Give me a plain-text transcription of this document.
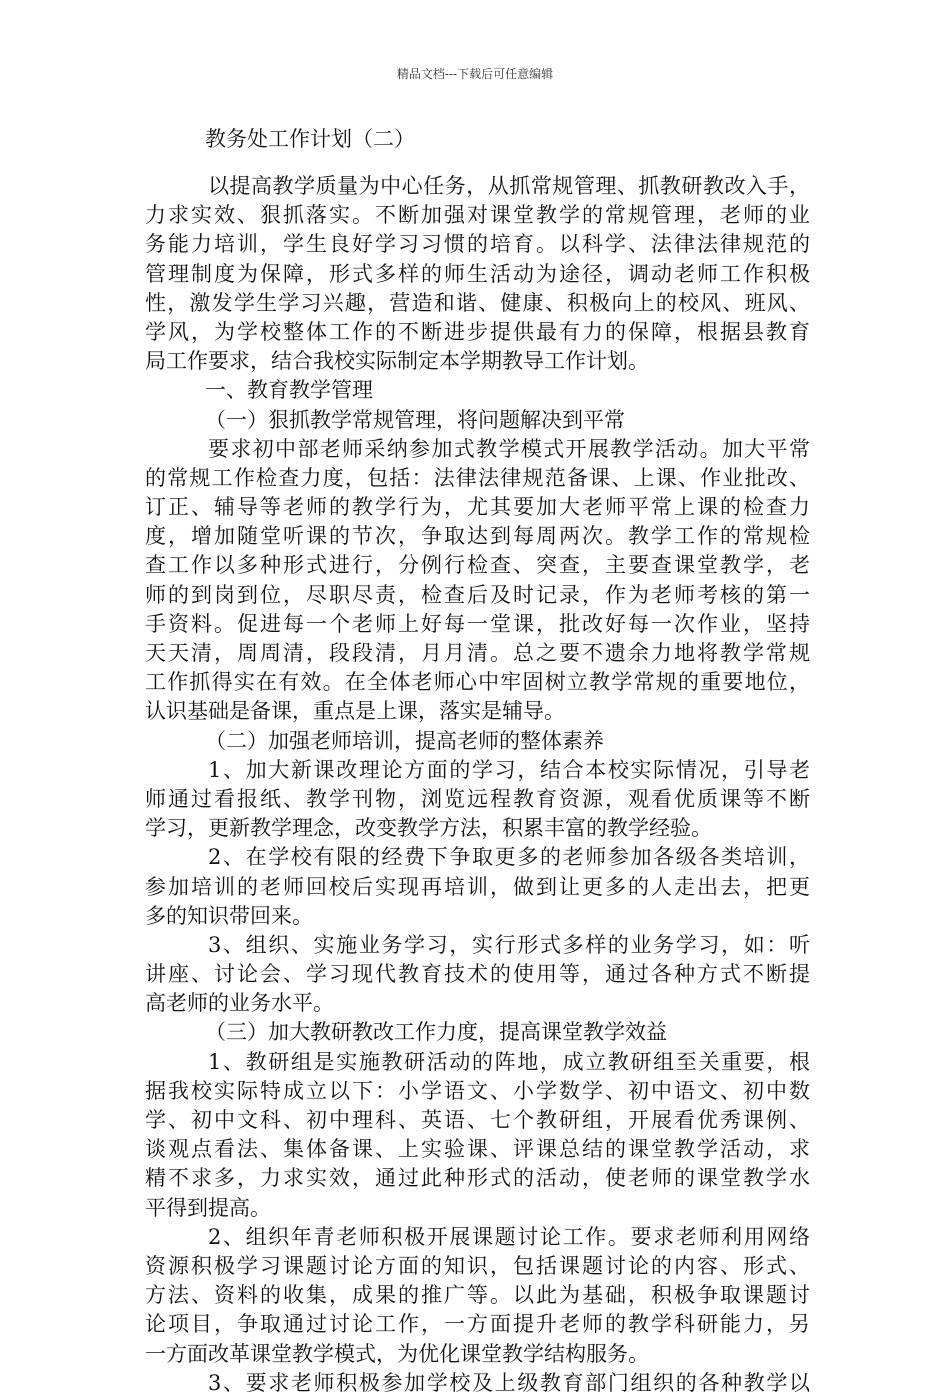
精品文档---下载后可任意编辑
教务处工作计划（二）
以提高教学质量为中心任务，从抓常规管理、抓教研教改入手，
力求实效、狠抓落实。不断加强对课堂教学的常规管理，老师的业
务能力培训，学生良好学习习惯的培育。以科学、法律法律规范的
管理制度为保障，形式多样的师生活动为途径，调动老师工作积极
性，激发学生学习兴趣，营造和谐、健康、积极向上的校风、班风、
学风，为学校整体工作的不断进步提供最有力的保障，根据县教育
局工作要求，结合我校实际制定本学期教导工作计划。
一、教育教学管理
（一）狠抓教学常规管理，将问题解决到平常
要求初中部老师采纳参加式教学模式开展教学活动。加大平常
的常规工作检查力度，包括：法律法律规范备课、上课、作业批改、
订正、辅导等老师的教学行为，尤其要加大老师平常上课的检查力
度，增加随堂听课的节次，争取达到每周两次。教学工作的常规检
查工作以多种形式进行，分例行检查、突查，主要查课堂教学，老
师的到岗到位，尽职尽责，检查后及时记录，作为老师考核的第一
手资料。促进每一个老师上好每一堂课，批改好每一次作业，坚持
天天清，周周清，段段清，月月清。总之要不遗余力地将教学常规
工作抓得实在有效。在全体老师心中牢固树立教学常规的重要地位，
认识基础是备课，重点是上课，落实是辅导。
（二）加强老师培训，提高老师的整体素养
1、加大新课改理论方面的学习，结合本校实际情况，引导老
师通过看报纸、教学刊物，浏览远程教育资源，观看优质课等不断
学习，更新教学理念，改变教学方法，积累丰富的教学经验。
2、在学校有限的经费下争取更多的老师参加各级各类培训，
参加培训的老师回校后实现再培训，做到让更多的人走出去，把更
多的知识带回来。
3、组织、实施业务学习，实行形式多样的业务学习，如：听
讲座、讨论会、学习现代教育技术的使用等，通过各种方式不断提
高老师的业务水平。
（三）加大教研教改工作力度，提高课堂教学效益
1、教研组是实施教研活动的阵地，成立教研组至关重要，根
据我校实际特成立以下：小学语文、小学数学、初中语文、初中数
学、初中文科、初中理科、英语、七个教研组，开展看优秀课例、
谈观点看法、集体备课、上实验课、评课总结的课堂教学活动，求
精不求多，力求实效，通过此种形式的活动，使老师的课堂教学水
平得到提高。
2、组织年青老师积极开展课题讨论工作。要求老师利用网络
资源积极学习课题讨论方面的知识，包括课题讨论的内容、形式、
方法、资料的收集，成果的推广等。以此为基础，积极争取课题讨
论项目，争取通过讨论工作，一方面提升老师的教学科研能力，另
一方面改革课堂教学模式，为优化课堂教学结构服务。
3、要求老师积极参加学校及上级教育部门组织的各种教学以
